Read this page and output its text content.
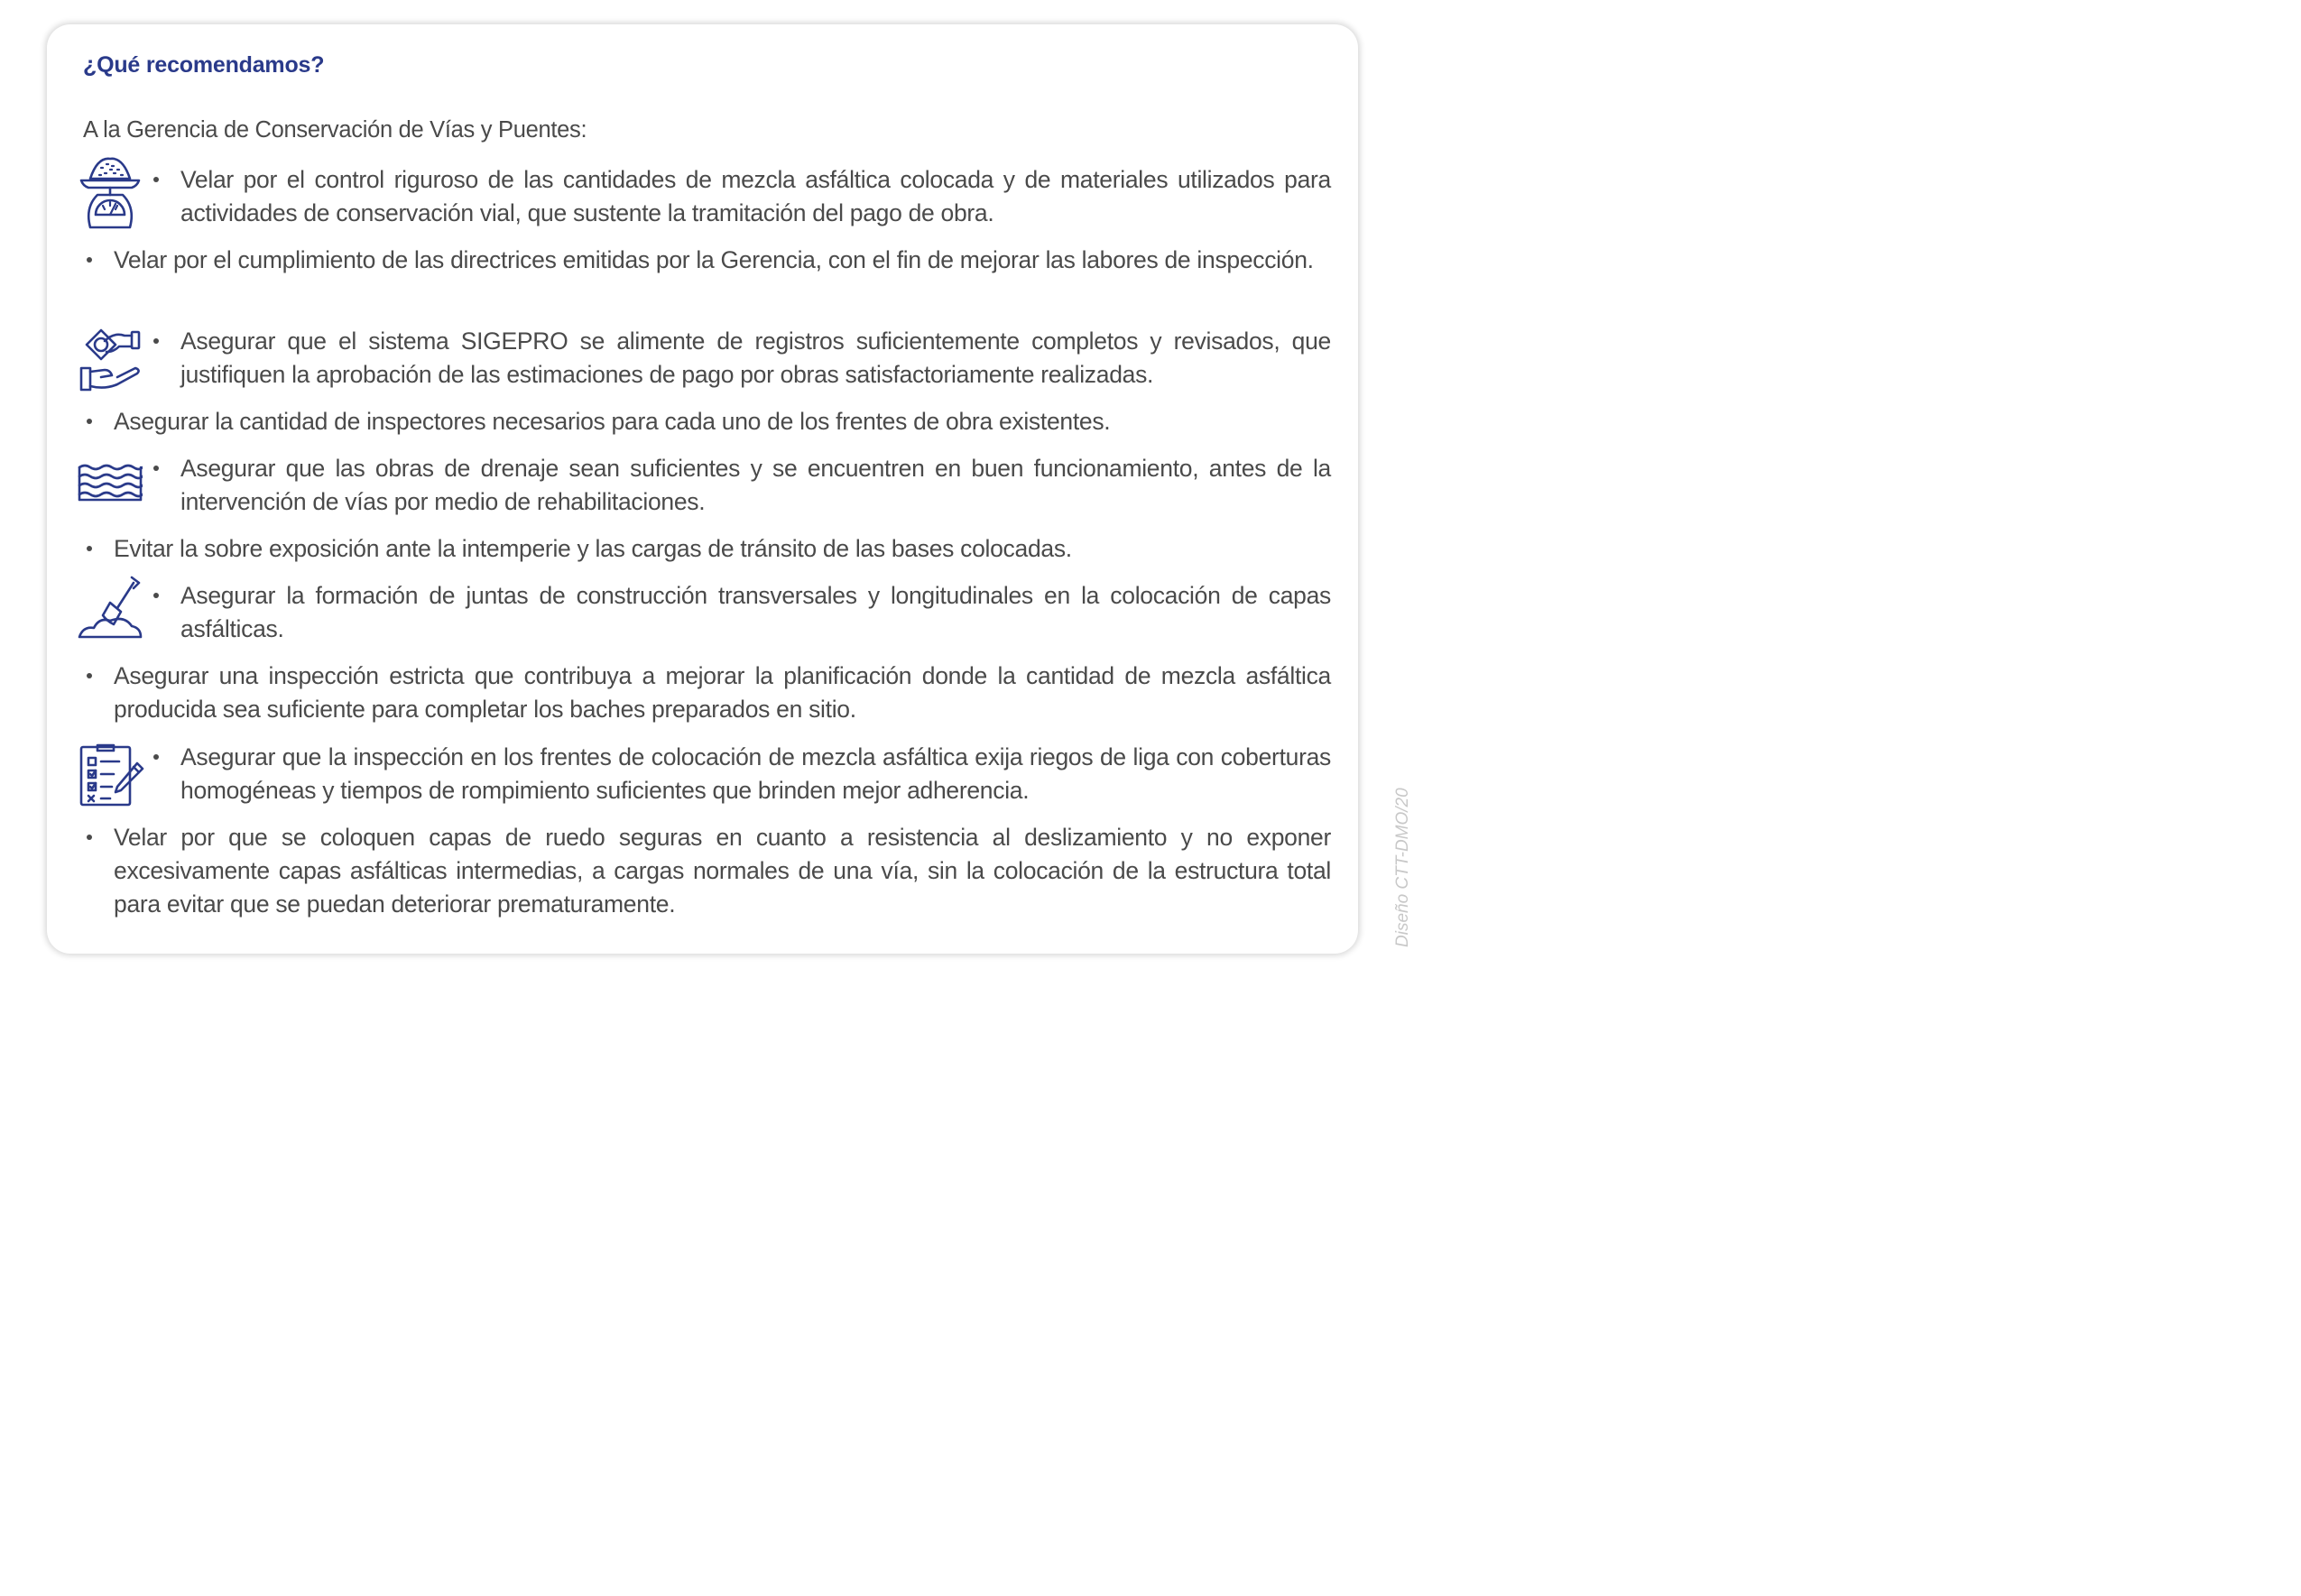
¿Qué recomendamos?

A la Gerencia de Conservación de Vías y Puentes:

Velar por el control riguroso de las cantidades de mezcla asfáltica colocada y de materiales utilizados para actividades de conservación vial, que sustente la tramitación del pago de obra.
Velar por el cumplimiento de las directrices emitidas por la Gerencia, con el fin de mejorar las labores de inspección.
Asegurar que el sistema SIGEPRO se alimente de registros suficientemente completos y revisados, que justifiquen la aprobación de las estimaciones de pago por obras satisfactoriamente realizadas.
Asegurar la cantidad de inspectores necesarios para cada uno de los frentes de obra existentes.
Asegurar que las obras de drenaje sean suficientes y se encuentren en buen funcionamiento, antes de la intervención de vías por medio de rehabilitaciones.
Evitar la sobre exposición ante la intemperie y las cargas de tránsito de las bases colocadas.
Asegurar la formación de juntas de construcción transversales y longitudinales en la colocación de capas asfálticas.
Asegurar una inspección estricta que contribuya a mejorar la planificación donde la cantidad de mezcla asfáltica producida sea suficiente para completar los baches preparados en sitio.
Asegurar que la inspección en los frentes de colocación de mezcla asfáltica exija riegos de liga con coberturas homogéneas y tiempos de rompimiento suficientes que brinden mejor adherencia.
Velar por que se coloquen capas de ruedo seguras en cuanto a resistencia al deslizamiento y no exponer excesivamente capas asfálticas intermedias, a cargas normales de una vía, sin la colocación de la estructura total para evitar que se puedan deteriorar prematuramente.	Diseño CTT-DMO/20
